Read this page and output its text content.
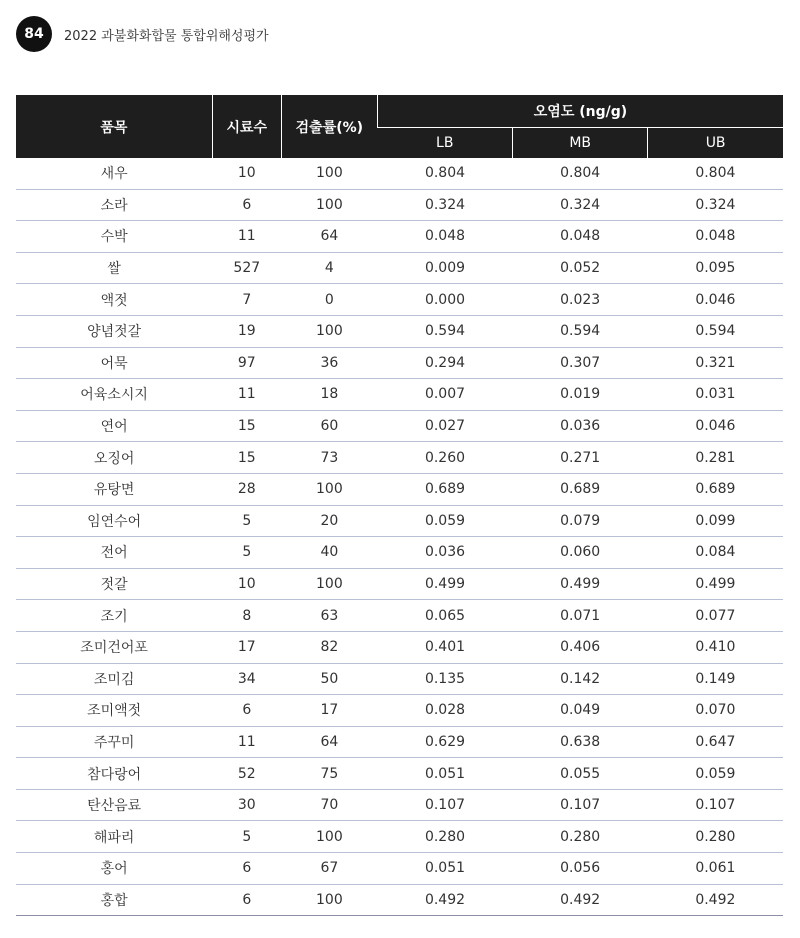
84	2022 과불화화합물 통합위해성평가
품목	시료수	검출률(%)	오염도 (ng/g)		
			LB	MB	UB
새우	10	100	0.804	0.804	0.804
소라	6	100	0.324	0.324	0.324
수박	11	64	0.048	0.048	0.048
쌀	527	4	0.009	0.052	0.095
액젓	7	0	0.000	0.023	0.046
양념젓갈	19	100	0.594	0.594	0.594
어묵	97	36	0.294	0.307	0.321
어육소시지	11	18	0.007	0.019	0.031
연어	15	60	0.027	0.036	0.046
오징어	15	73	0.260	0.271	0.281
유탕면	28	100	0.689	0.689	0.689
임연수어	5	20	0.059	0.079	0.099
전어	5	40	0.036	0.060	0.084
젓갈	10	100	0.499	0.499	0.499
조기	8	63	0.065	0.071	0.077
조미건어포	17	82	0.401	0.406	0.410
조미김	34	50	0.135	0.142	0.149
조미액젓	6	17	0.028	0.049	0.070
주꾸미	11	64	0.629	0.638	0.647
참다랑어	52	75	0.051	0.055	0.059
탄산음료	30	70	0.107	0.107	0.107
해파리	5	100	0.280	0.280	0.280
홍어	6	67	0.051	0.056	0.061
홍합	6	100	0.492	0.492	0.492
